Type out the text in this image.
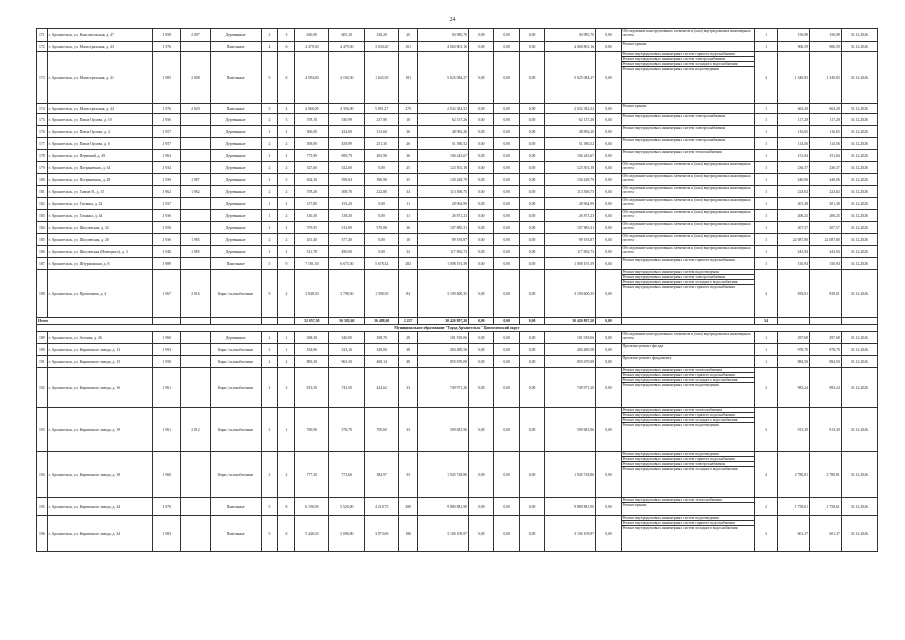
24
171	г. Архангельск, ул. Комсомольская, д. 47	1 958	2 007	Деревянные	2	3	630,00	605,10	238,20	20	94 985,70	0,00	0,00	0,00	94 985,70	0,00	Обследование конструктивных элементов и (или) внутридомовых инженерных систем	1	156,98	156,98	31.12.2026
172	г. Архангельск, ул. Магистральная, д. 43	1 976		Панельные	4	6	4 479,30	4 479,30	3 030,20	161	4 060 801,16	0,00	0,00	0,00	4 060 801,16	0,00	Ремонт крыши	1	906,59	906,59	31.12.2026
173	г. Архангельск, ул. Магистральная, д. 41	1 985	2 008	Панельные	5	6	4 594,60	4 194,30	1 645,30	181	5 625 084,27	0,00	0,00	0,00	5 625 084,27	0,00	Ремонт внутридомовых инженерных систем горячего водоснабжения
Ремонт внутридомовых инженерных систем электроснабжения
Ремонт внутридомовых инженерных систем холодного водоснабжения
Ремонт внутридомовых инженерных систем водоотведения	4	1 340,83	1 340,83	31.12.2026
174	г. Архангельск, ул. Магистральная, д. 44	1 976	2 020	Панельные	5	4	4 066,00	4 356,00	5 891,27	279	2 032 382,52	0,00	0,00	0,00	2 032 382,52	0,00	Ремонт крыши	1	663,29	663,29	31.12.2026
175	г. Архангельск, ул. Павла Орлова, д. 10	1 956		Деревянные	2	3	578,10	530,99	237,90	18	62 137,26	0,00	0,00	0,00	62 137,26	0,00	Ремонт внутридомовых инженерных систем электроснабжения	1	117,28	117,28	31.12.2026
176	г. Архангельск, ул. Павла Орлова, д. 4	1 957		Деревянные	2	2	500,00	424,00	313,60	26	48 992,20	0,00	0,00	0,00	48 992,20	0,00	Ремонт внутридомовых инженерных систем электроснабжения	1	116,65	116,65	31.12.2026
177	г. Архангельск, ул. Павла Орлова, д. 6	1 957		Деревянные	2	2	509,00	458,99	251,30	26	51 580,52	0,00	0,00	0,00	51 580,52	0,00	Ремонт внутридомовых инженерных систем электроснабжения	1	114,56	114,56	31.12.2026
178	г. Архангельск, ул. Первомай, д. 49	1 963		Деревянные	2	2	775,90	699,79	265,90	36	106 243,67	0,00	0,00	0,00	106 243,67	0,00	Ремонт внутридомовых инженерных систем теплоснабжения	1	151,84	151,84	31.12.2026
179	г. Архангельск, ул. Пограничная, д. 34	1 934		Деревянные	2	2	527,60	522,60	0,00	25	123 501,18	0,00	0,00	0,00	123 501,18	0,00	Обследование конструктивных элементов и (или) внутридомовых инженерных систем	1	236,37	236,37	31.12.2026
180	г. Архангельск, ул. Пограничная, д. 28	1 939	1 987	Деревянные	2	5	634,30	598,84	396,90	35	130 428,79	0,00	0,00	0,00	130 428,79	0,00	Обследование конструктивных элементов и (или) внутридомовых инженерных систем	1	240,06	240,06	31.12.2026
181	г. Архангельск, ул. Тимме Я., д. 15	1 962	1 962	Деревянные	2	2	578,26	508,70	222,80	34	113 306,75	0,00	0,00	0,00	113 306,75	0,00	Обследование конструктивных элементов и (или) внутридомовых инженерных систем	1	223,62	223,62	31.12.2026
182	г. Архангельск, ул. Тиханка, д. 24	1 937		Деревянные	1	2	157,80	153,20	0,00	11	28 964,99	0,00	0,00	0,00	28 964,99	0,00	Обследование конструктивных элементов и (или) внутридомовых инженерных систем	1	201,38	201,38	31.12.2026
183	г. Архангельск, ул. Тиханка, д. 44	1 936		Деревянные	1	2	130,30	138,30	0,00	11	26 871,23	0,00	0,00	0,00	26 871,23	0,00	Обследование конструктивных элементов и (или) внутридомовых инженерных систем	1	206,25	206,25	31.12.2026
184	г. Архангельск, ул. Шкулевская, д. 32	1 950		Деревянные	2	2	579,95	513,90	570,88	36	107 885,31	0,00	0,00	0,00	107 885,31	0,00	Обследование конструктивных элементов и (или) внутридомовых инженерных систем	1	207,57	207,57	31.12.2026
185	г. Архангельск, ул. Шкулевская, д. 26	1 936	1 985	Деревянные	2	2	451,40	377,40	0,00	18	89 193,87	0,00	0,00	0,00	89 193,87	0,00	Обследование конструктивных элементов и (или) внутридомовых инженерных систем	1	22 087,80	22 087,80	31.12.2026
186	г. Архангельск, ул. Шкулевская (Немецкого), д. 3	1 940	1 985	Деревянные	2	2	521,78	490,00	0,00	22	117 692,73	0,00	0,00	0,00	117 692,73	0,00	Обследование конструктивных элементов и (или) внутридомовых инженерных систем	1	243,94	243,94	31.12.2026
187	г. Архангельск, ул. Штурманская, д. 8	1 989		Панельные	5	9	7 181,30	6 675,30	5 678,32	282	1 008 191,39	0,00	0,00	0,00	1 008 191,39	0,00	Ремонт внутридомовых инженерных систем горячего водоснабжения	1	150,94	150,94	31.12.2026
188	г. Архангельск, ул. Прокопьева, д. 4	1 967	2 016	Кирп./ шлакоблочные	9	2	3 948,30	3 798,30	1 598,30	84	3 109 600,35	0,00	0,00	0,00	3 109 600,35	0,00	Ремонт внутридомовых инженерных систем водоотведения
Ремонт внутридомовых инженерных систем электроснабжения
Ремонт внутридомовых инженерных систем холодного водоснабжения
Ремонт внутридомовых инженерных систем горячего водоснабжения	4	839,01	839,01	31.12.2026
Итого							52 057,50	50 382,60	36 488,60	2 237	30 426 897,20	0,00	0,00	0,00	30 426 897,20	0,00		54			
Муниципальное образование "Город Архангельск" Цигломенский округ																					
189	г. Архангельск, ул. Зеленая, д. 26	1 960		Деревянные	2	1	368,30	340,80	298,70	28	101 918,06	0,00	0,00	0,00	101 918,06	0,00	Обследование конструктивных элементов и (или) внутридомовых инженерных систем	1	297,68	297,68	31.12.2026
190	г. Архангельск, ул. Кирпичного завода, д. 13	1 993		Кирп./ шлакоблочные	2	1	534,06	323,16	349,00	38	494 489,58	0,00	0,00	0,00	494 489,58	0,00	Проектно-ремонт фасада	1	978,70	978,70	31.12.2026
191	г. Архангельск, ул. Кирпичного завода, д. 15	1 958		Кирп./ шлакоблочные	2	2	883,30	963,30	468,14	48	855 670,08	0,00	0,00	0,00	855 670,08	0,00	Проектно-ремонт фундамента	1	884,50	884,50	31.12.2026
192	г. Архангельск, ул. Кирпичного завода, д. 16	1 961		Кирп./ шлакоблочные	2	3	813,50	743,50	424,62	33	749 971,20	0,00	0,00	0,00	749 971,20	0,00	Ремонт внутридомовых инженерных систем теплоснабжения
Ремонт внутридомовых инженерных систем горячего водоснабжения
Ремонт внутридомовых инженерных систем холодного водоснабжения
Ремонт внутридомовых инженерных систем водоотведения	3	983,24	983,24	31.12.2026
193	г. Архангельск, ул. Кирпичного завода, д. 19	1 961	2 012	Кирп./ шлакоблочные	2	1	760,90	578,70	709,60	33	509 681,96	0,00	0,00	0,00	509 681,96	0,00	Ремонт внутридомовых инженерных систем теплоснабжения
Ремонт внутридомовых инженерных систем горячего водоснабжения
Ремонт внутридомовых инженерных систем холодного водоснабжения
Ремонт внутридомовых инженерных систем водоотведения	3	913,30	913,30	31.12.2026
194	г. Архангельск, ул. Кирпичного завода, д. 18	1 960		Кирп./ шлакоблочные	2	2	777,30	772,60	384,97	33	1 945 728,86	0,00	0,00	0,00	1 945 728,86	0,00	Ремонт внутридомовых инженерных систем водоотведения
Ремонт внутридомовых инженерных систем горячего водоснабжения
Ремонт внутридомовых инженерных систем электроснабжения
Ремонт внутридомовых инженерных систем холодного водоснабжения	4	2 780,81	2 780,81	31.12.2026
195	г. Архангельск, ул. Кирпичного завода, д. 24	1 970		Панельные	5	8	6 196,90	5 520,00	4 218,75	280	9 880 881,90	0,00	0,00	0,00	9 880 881,90	0,00	Ремонт внутридомовых инженерных систем теплоснабжения
Ремонт крыши	2	1 758,61	1 758,61	31.12.2026
196	г. Архангельск, ул. Кирпичного завода, д. 34	1 983		Панельные	5	6	5 446,30	5 096,80	3 973,06	186	3 106 109,97	0,00	0,00	0,00	3 106 109,97	0,00	Ремонт внутридомовых инженерных систем водоотведения
Ремонт внутридомовых инженерных систем горячего водоснабжения
Ремонт внутридомовых инженерных систем холодного водоснабжения	3	601,37	601,37	31.12.2026
